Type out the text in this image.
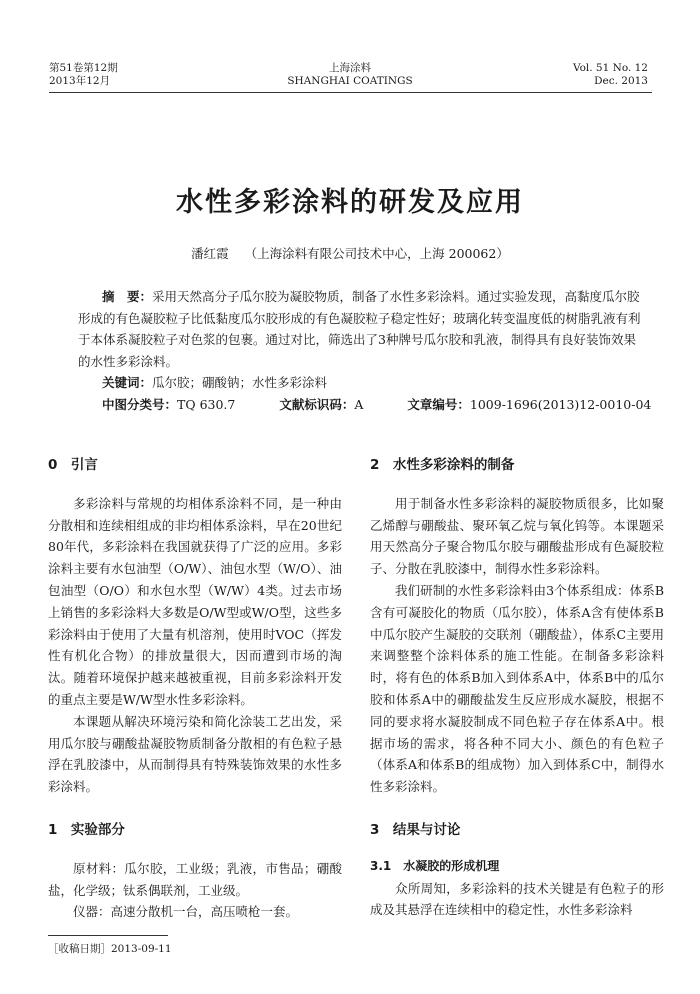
第51卷第12期
2013年12月
上海涂料
SHANGHAI COATINGS
Vol. 51 No. 12
Dec. 2013
水性多彩涂料的研发及应用
潘红霞 （上海涂料有限公司技术中心，上海 200062）
摘　要：采用天然高分子瓜尔胶为凝胶物质，制备了水性多彩涂料。通过实验发现，高黏度瓜尔胶形成的有色凝胶粒子比低黏度瓜尔胶形成的有色凝胶粒子稳定性好；玻璃化转变温度低的树脂乳液有利于本体系凝胶粒子对色浆的包裹。通过对比，筛选出了3种牌号瓜尔胶和乳液，制得具有良好装饰效果的水性多彩涂料。
关键词：瓜尔胶；硼酸钠；水性多彩涂料
中图分类号：TQ 630.7	文献标识码：A	文章编号：1009-1696(2013)12-0010-04
0　引言

多彩涂料与常规的均相体系涂料不同，是一种由分散相和连续相组成的非均相体系涂料，早在20世纪80年代，多彩涂料在我国就获得了广泛的应用。多彩涂料主要有水包油型（O/W）、油包水型（W/O）、油包油型（O/O）和水包水型（W/W）4类。过去市场上销售的多彩涂料大多数是O/W型或W/O型，这些多彩涂料由于使用了大量有机溶剂，使用时VOC（挥发性有机化合物）的排放量很大，因而遭到市场的淘汰。随着环境保护越来越被重视，目前多彩涂料开发的重点主要是W/W型水性多彩涂料。

本课题从解决环境污染和简化涂装工艺出发，采用瓜尔胶与硼酸盐凝胶物质制备分散相的有色粒子悬浮在乳胶漆中，从而制得具有特殊装饰效果的水性多彩涂料。

1　实验部分

原材料：瓜尔胶，工业级；乳液，市售品；硼酸盐，化学级；钛系偶联剂，工业级。

仪器：高速分散机一台，高压喷枪一套。

2　水性多彩涂料的制备

用于制备水性多彩涂料的凝胶物质很多，比如聚乙烯醇与硼酸盐、聚环氧乙烷与氧化钨等。本课题采用天然高分子聚合物瓜尔胶与硼酸盐形成有色凝胶粒子、分散在乳胶漆中，制得水性多彩涂料。

我们研制的水性多彩涂料由3个体系组成：体系B含有可凝胶化的物质（瓜尔胶），体系A含有使体系B中瓜尔胶产生凝胶的交联剂（硼酸盐），体系C主要用来调整整个涂料体系的施工性能。在制备多彩涂料时，将有色的体系B加入到体系A中，体系B中的瓜尔胶和体系A中的硼酸盐发生反应形成水凝胶，根据不同的要求将水凝胶制成不同色粒子存在体系A中。根据市场的需求，将各种不同大小、颜色的有色粒子（体系A和体系B的组成物）加入到体系C中，制得水性多彩涂料。

3　结果与讨论
3.1　水凝胶的形成机理

众所周知，多彩涂料的技术关键是有色粒子的形成及其悬浮在连续相中的稳定性，水性多彩涂料

［收稿日期］2013-09-11
